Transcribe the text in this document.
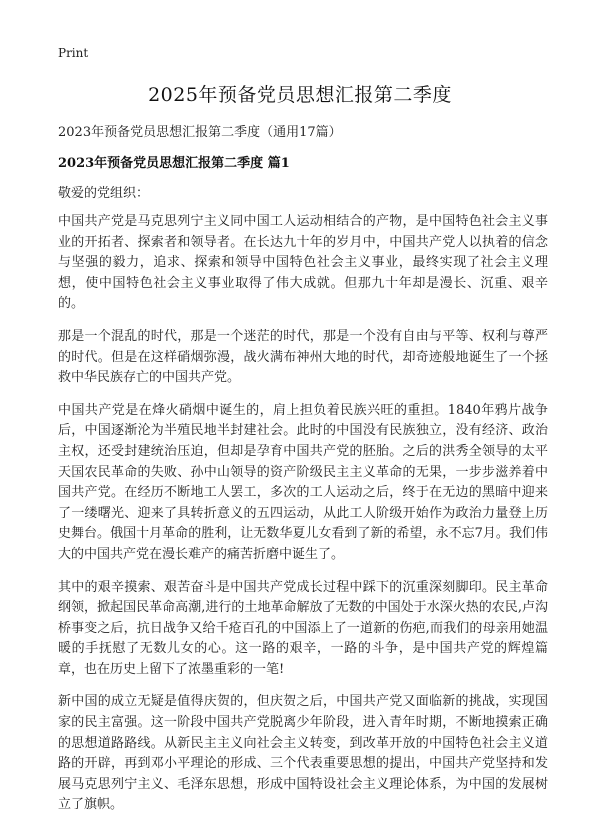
Print
2025年预备党员思想汇报第二季度
2023年预备党员思想汇报第二季度（通用17篇）
2023年预备党员思想汇报第二季度 篇1
敬爱的党组织：

中国共产党是马克思列宁主义同中国工人运动相结合的产物，是中国特色社会主义事业的开拓者、探索者和领导者。在长达九十年的岁月中，中国共产党人以执着的信念与坚强的毅力，追求、探索和领导中国特色社会主义事业，最终实现了社会主义理想，使中国特色社会主义事业取得了伟大成就。但那九十年却是漫长、沉重、艰辛的。

那是一个混乱的时代，那是一个迷茫的时代，那是一个没有自由与平等、权利与尊严的时代。但是在这样硝烟弥漫，战火满布神州大地的时代，却奇迹般地诞生了一个拯救中华民族存亡的中国共产党。

中国共产党是在烽火硝烟中诞生的，肩上担负着民族兴旺的重担。1840年鸦片战争后，中国逐渐沦为半殖民地半封建社会。此时的中国没有民族独立，没有经济、政治主权，还受封建统治压迫，但却是孕育中国共产党的胚胎。之后的洪秀全领导的太平天国农民革命的失败、孙中山领导的资产阶级民主主义革命的无果，一步步滋养着中国共产党。在经历不断地工人罢工，多次的工人运动之后，终于在无边的黑暗中迎来了一缕曙光、迎来了具转折意义的五四运动，从此工人阶级开始作为政治力量登上历史舞台。俄国十月革命的胜利，让无数华夏儿女看到了新的希望，永不忘7月。我们伟大的中国共产党在漫长难产的痛苦折磨中诞生了。

其中的艰辛摸索、艰苦奋斗是中国共产党成长过程中踩下的沉重深刻脚印。民主革命纲领，掀起国民革命高潮,进行的土地革命解放了无数的中国处于水深火热的农民,卢沟桥事变之后，抗日战争又给千疮百孔的中国添上了一道新的伤疤,而我们的母亲用她温暖的手抚慰了无数儿女的心。这一路的艰辛，一路的斗争，是中国共产党的辉煌篇章，也在历史上留下了浓墨重彩的一笔!

新中国的成立无疑是值得庆贺的，但庆贺之后，中国共产党又面临新的挑战，实现国家的民主富强。这一阶段中国共产党脱离少年阶段，进入青年时期，不断地摸索正确的思想道路路线。从新民主主义向社会主义转变，到改革开放的中国特色社会主义道路的开辟，再到邓小平理论的形成、三个代表重要思想的提出，中国共产党坚持和发展马克思列宁主义、毛泽东思想，形成中国特设社会主义理论体系，为中国的发展树立了旗帜。
